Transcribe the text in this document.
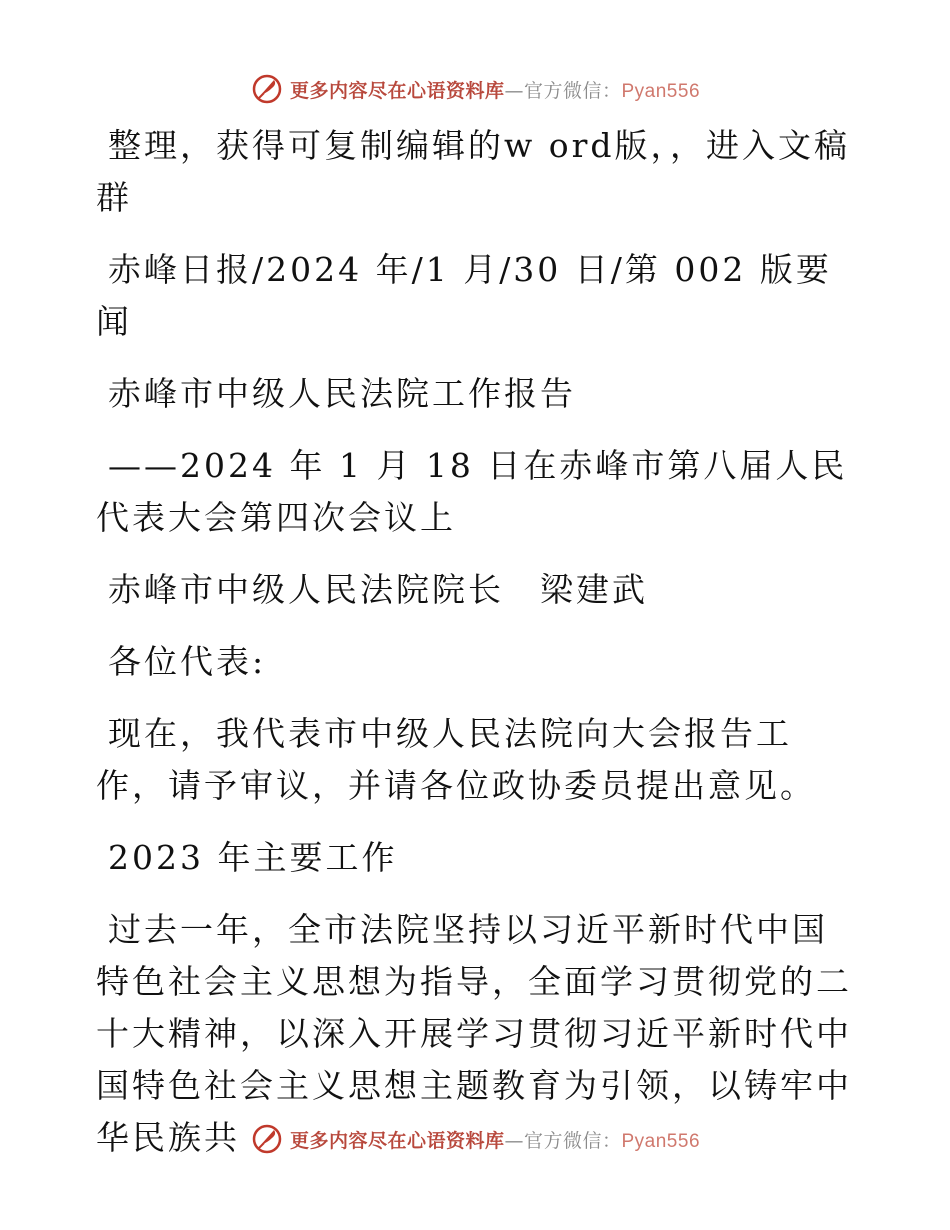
更多内容尽在心语资料库—官方微信：Pyan556

整理，获得可复制编辑的w ord版，，进入文稿群

赤峰日报/2024 年/1 月/30 日/第 002 版要闻

赤峰市中级人民法院工作报告

——2024 年 1 月 18 日在赤峰市第八届人民代表大会第四次会议上

赤峰市中级人民法院院长　梁建武

各位代表:

现在，我代表市中级人民法院向大会报告工作，请予审议，并请各位政协委员提出意见。

2023 年主要工作

过去一年，全市法院坚持以习近平新时代中国特色社会主义思想为指导，全面学习贯彻党的二十大精神，以深入开展学习贯彻习近平新时代中国特色社会主义思想主题教育为引领，以铸牢中华民族共	更多内容尽在心语资料库—官方微信：Pyan556
